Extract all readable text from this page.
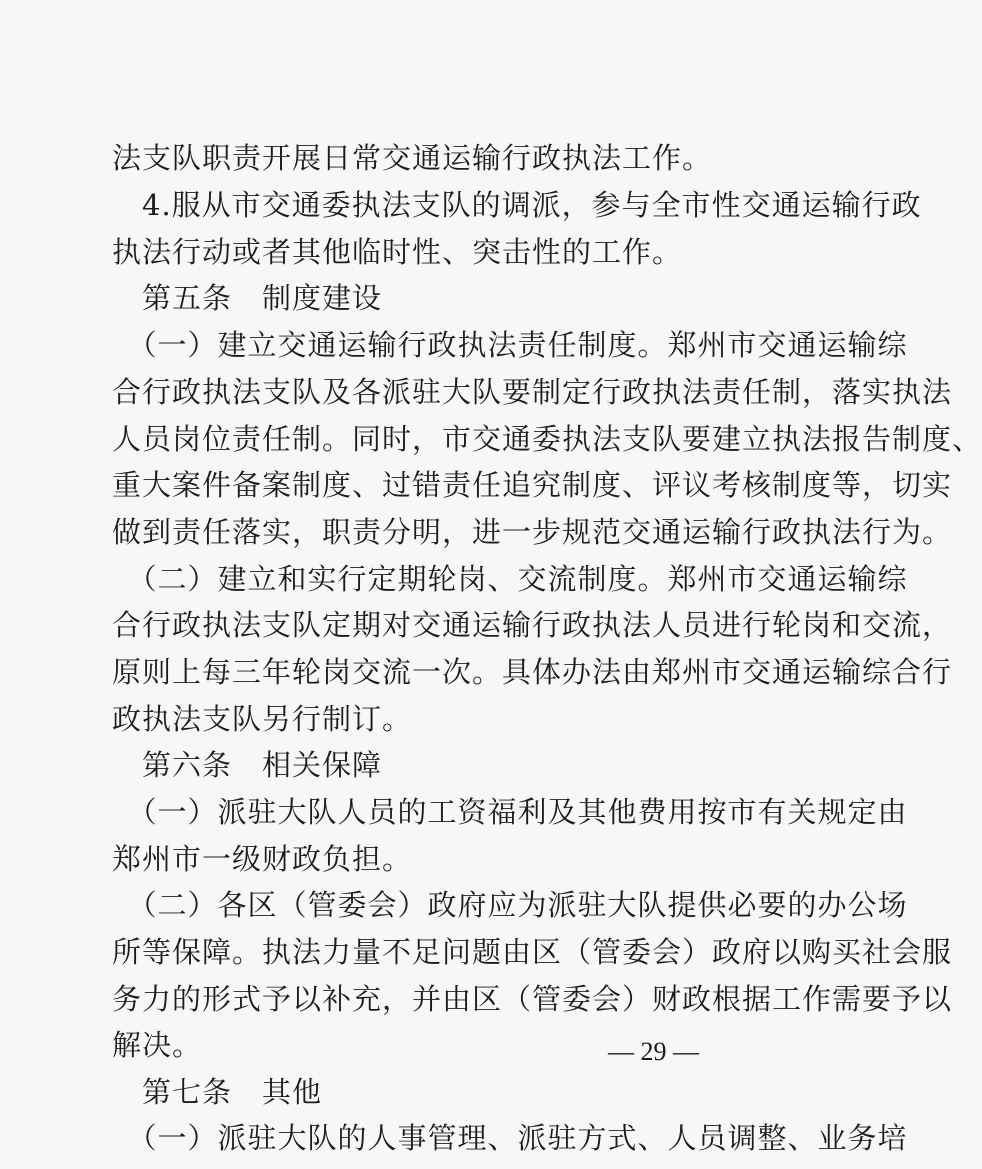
法支队职责开展日常交通运输行政执法工作。
　4.服从市交通委执法支队的调派，参与全市性交通运输行政
执法行动或者其他临时性、突击性的工作。
　第五条　制度建设
　（一）建立交通运输行政执法责任制度。郑州市交通运输综
合行政执法支队及各派驻大队要制定行政执法责任制，落实执法
人员岗位责任制。同时，市交通委执法支队要建立执法报告制度、
重大案件备案制度、过错责任追究制度、评议考核制度等，切实
做到责任落实，职责分明，进一步规范交通运输行政执法行为。
　（二）建立和实行定期轮岗、交流制度。郑州市交通运输综
合行政执法支队定期对交通运输行政执法人员进行轮岗和交流，
原则上每三年轮岗交流一次。具体办法由郑州市交通运输综合行
政执法支队另行制订。
　第六条　相关保障
　（一）派驻大队人员的工资福利及其他费用按市有关规定由
郑州市一级财政负担。
　（二）各区（管委会）政府应为派驻大队提供必要的办公场
所等保障。执法力量不足问题由区（管委会）政府以购买社会服
务力的形式予以补充，并由区（管委会）财政根据工作需要予以
解决。
　第七条　其他
　（一）派驻大队的人事管理、派驻方式、人员调整、业务培
— 29 —
